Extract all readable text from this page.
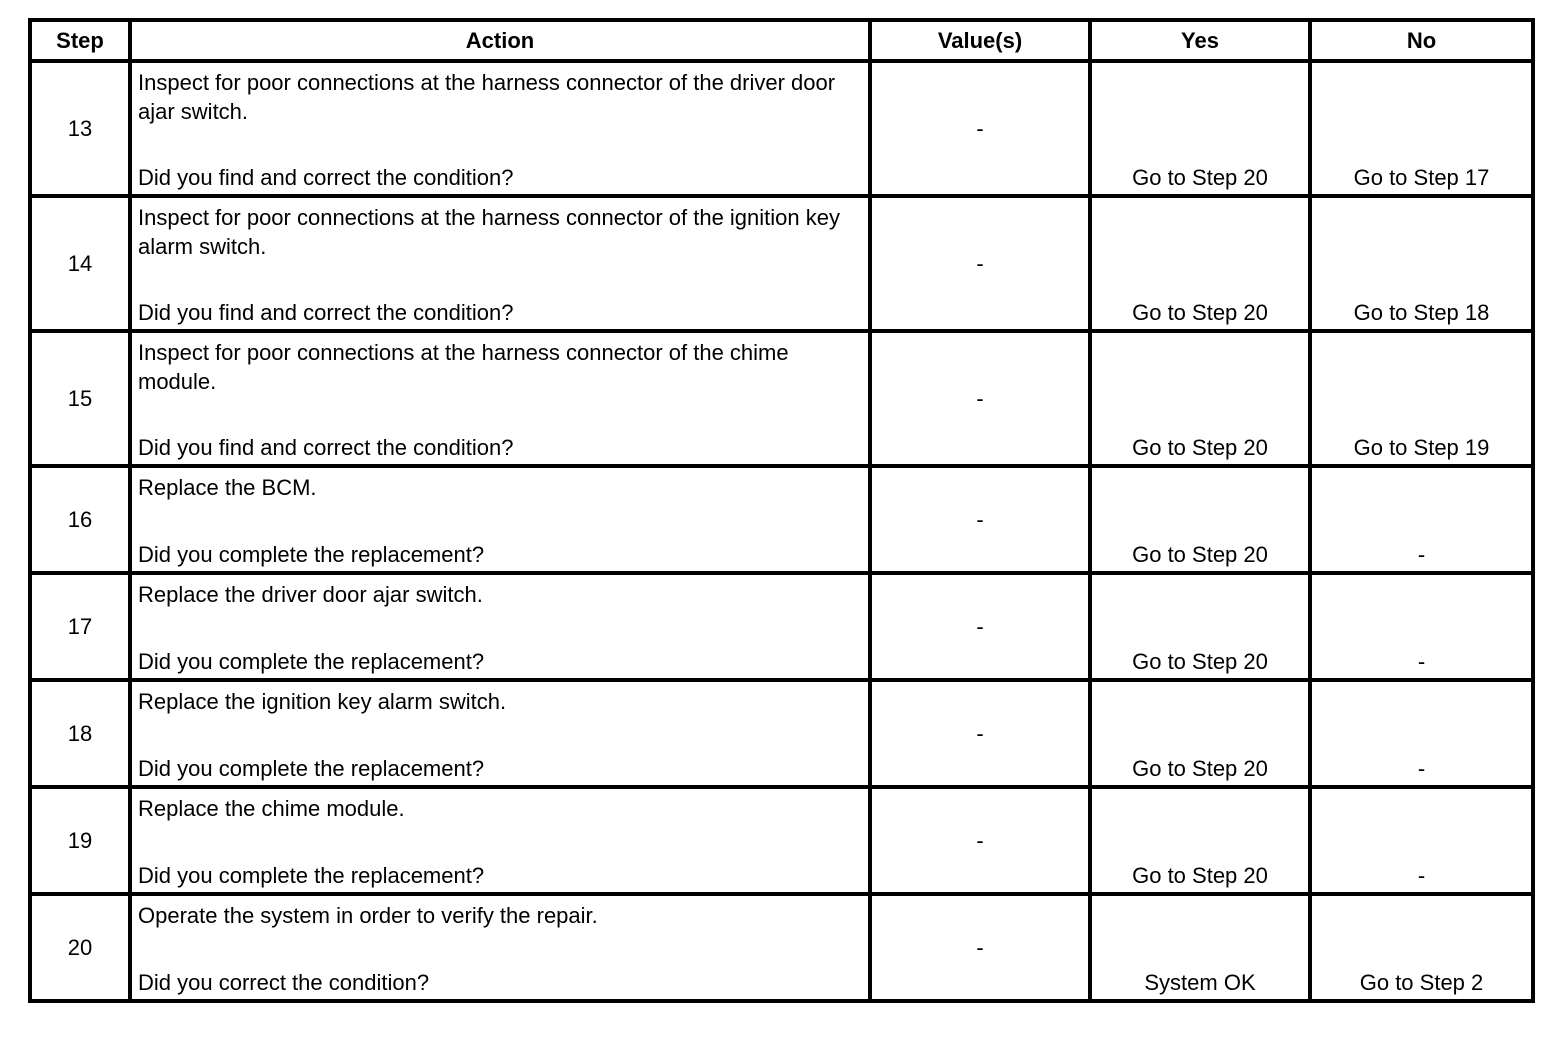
Step	Action	Value(s)	Yes	No
13	Inspect for poor connections at the harness connector of the driver door ajar switch.
Did you find and correct the condition?	-	Go to Step 20	Go to Step 17
14	Inspect for poor connections at the harness connector of the ignition key alarm switch.
Did you find and correct the condition?	-	Go to Step 20	Go to Step 18
15	Inspect for poor connections at the harness connector of the chime module.
Did you find and correct the condition?	-	Go to Step 20	Go to Step 19
16	Replace the BCM.
Did you complete the replacement?	-	Go to Step 20	-
17	Replace the driver door ajar switch.
Did you complete the replacement?	-	Go to Step 20	-
18	Replace the ignition key alarm switch.
Did you complete the replacement?	-	Go to Step 20	-
19	Replace the chime module.
Did you complete the replacement?	-	Go to Step 20	-
20	Operate the system in order to verify the repair.
Did you correct the condition?	-	System OK	Go to Step 2
